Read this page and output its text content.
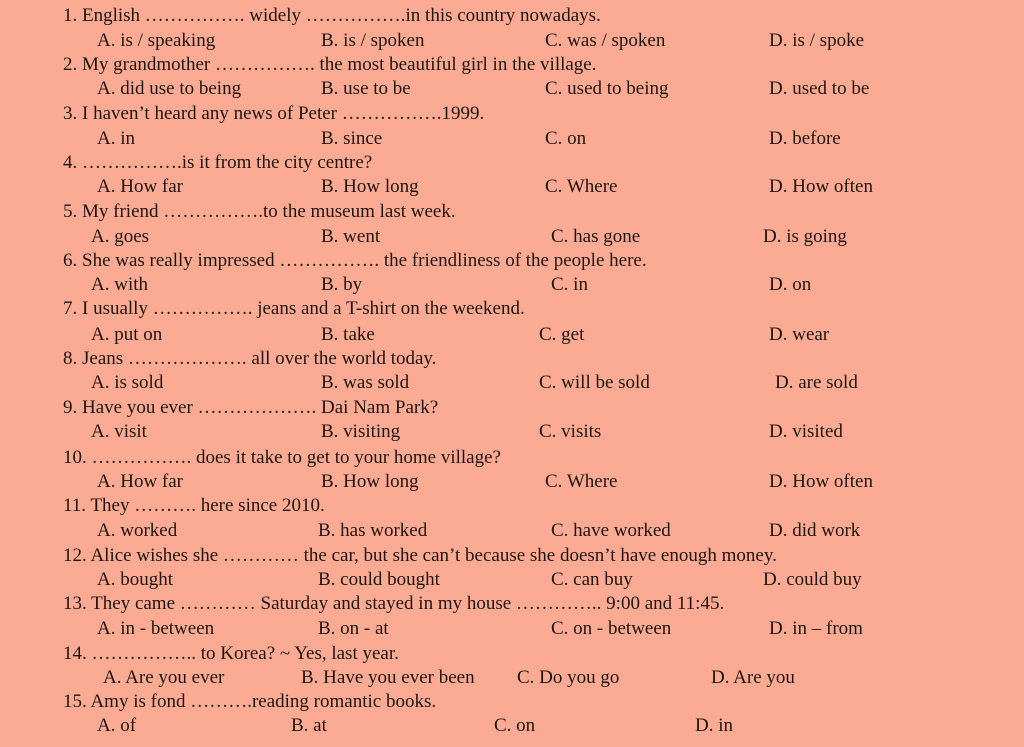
1. English ……………. widely …………….in this country nowadays.
A. is / speaking	B. is / spoken	C. was / spoken	D. is / spoke
2. My grandmother ……………. the most beautiful girl in the village.
A. did use to being	B. use to be	C. used to being	D. used to be
3. I haven’t heard any news of Peter …………….1999.
A. in	B. since	C. on	D. before
4. …………….is it from the city centre?
A. How far	B. How long	C. Where	D. How often
5. My friend …………….to the museum last week.
A. goes	B. went	C. has gone	D. is going
6. She was really impressed ……………. the friendliness of the people here.
A. with	B. by	C. in	D. on
7. I usually ……………. jeans and a T-shirt on the weekend.
A. put on	B. take	C. get	D. wear
8. Jeans ………………. all over the world today.
A. is sold	B. was sold	C. will be sold	D. are sold
9. Have you ever ………………. Dai Nam Park?
A. visit	B. visiting	C. visits	D. visited
10. ……………. does it take to get to your home village?
A. How far	B. How long	C. Where	D. How often
11. They ………. here since 2010.
A. worked	B. has worked	C. have worked	D. did work
12. Alice wishes she ………… the car, but she can’t because she doesn’t have enough money.
A. bought	B. could bought	C. can buy	D. could buy
13. They came ………… Saturday and stayed in my house ………….. 9:00 and 11:45.
A. in - between	B. on - at	C. on - between	D. in – from
14. …………….. to Korea? ~ Yes, last year.
A. Are you ever	B. Have you ever been C. Do you go	D. Are you
15. Amy is fond ……….reading romantic books.
A. of	B. at	C. on	D. in
